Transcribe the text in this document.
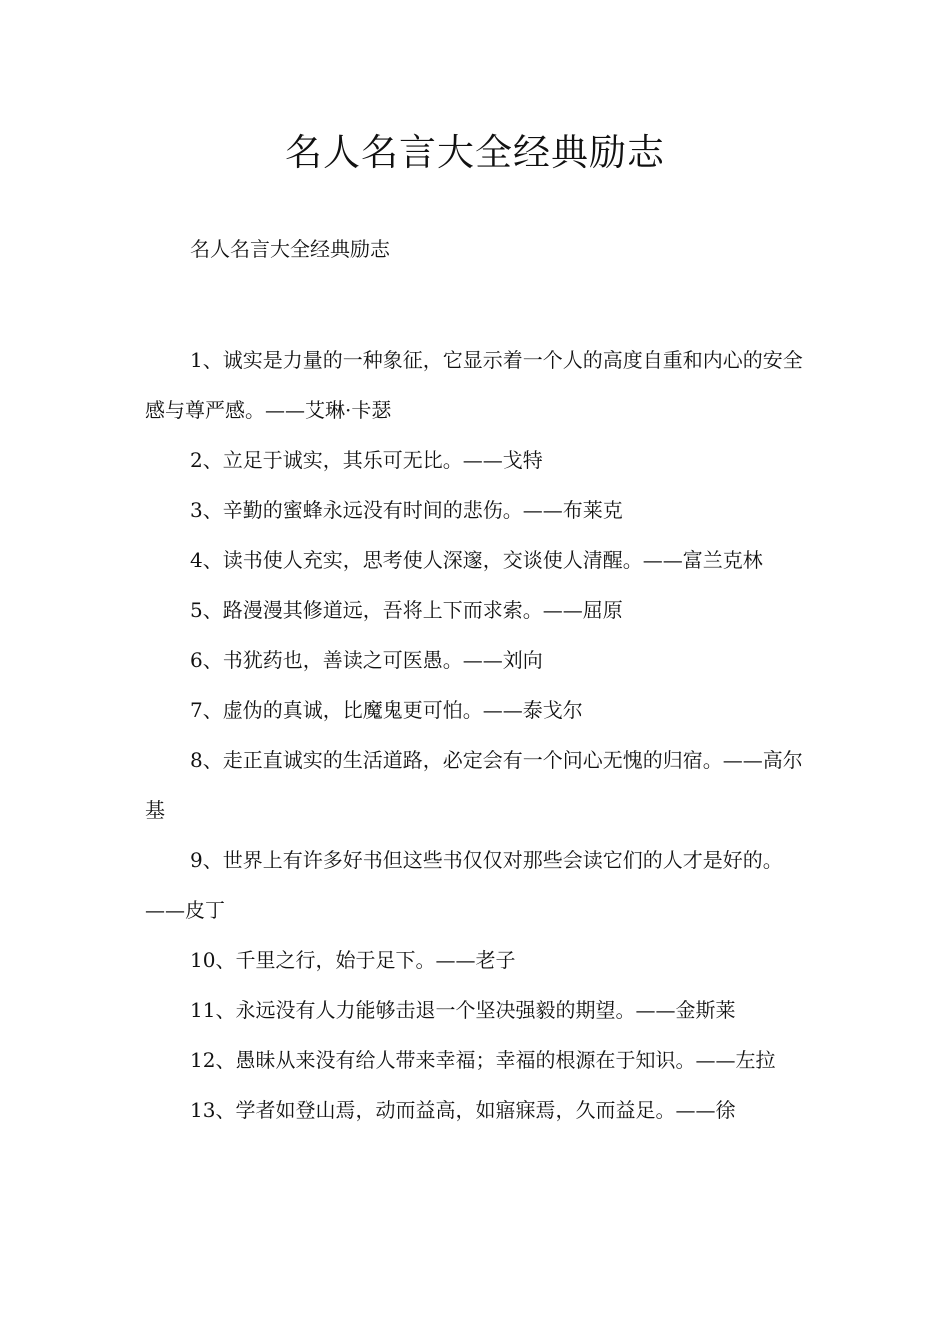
名人名言大全经典励志

名人名言大全经典励志

1、诚实是力量的一种象征，它显示着一个人的高度自重和内心的安全感与尊严感。——艾琳·卡瑟
2、立足于诚实，其乐可无比。——戈特
3、辛勤的蜜蜂永远没有时间的悲伤。——布莱克
4、读书使人充实，思考使人深邃，交谈使人清醒。——富兰克林
5、路漫漫其修道远，吾将上下而求索。——屈原
6、书犹药也，善读之可医愚。——刘向
7、虚伪的真诚，比魔鬼更可怕。——泰戈尔
8、走正直诚实的生活道路，必定会有一个问心无愧的归宿。——高尔基
9、世界上有许多好书但这些书仅仅对那些会读它们的人才是好的。——皮丁
10、千里之行，始于足下。——老子
11、永远没有人力能够击退一个坚决强毅的期望。——金斯莱
12、愚昧从来没有给人带来幸福；幸福的根源在于知识。——左拉
13、学者如登山焉，动而益高，如寤寐焉，久而益足。——徐
